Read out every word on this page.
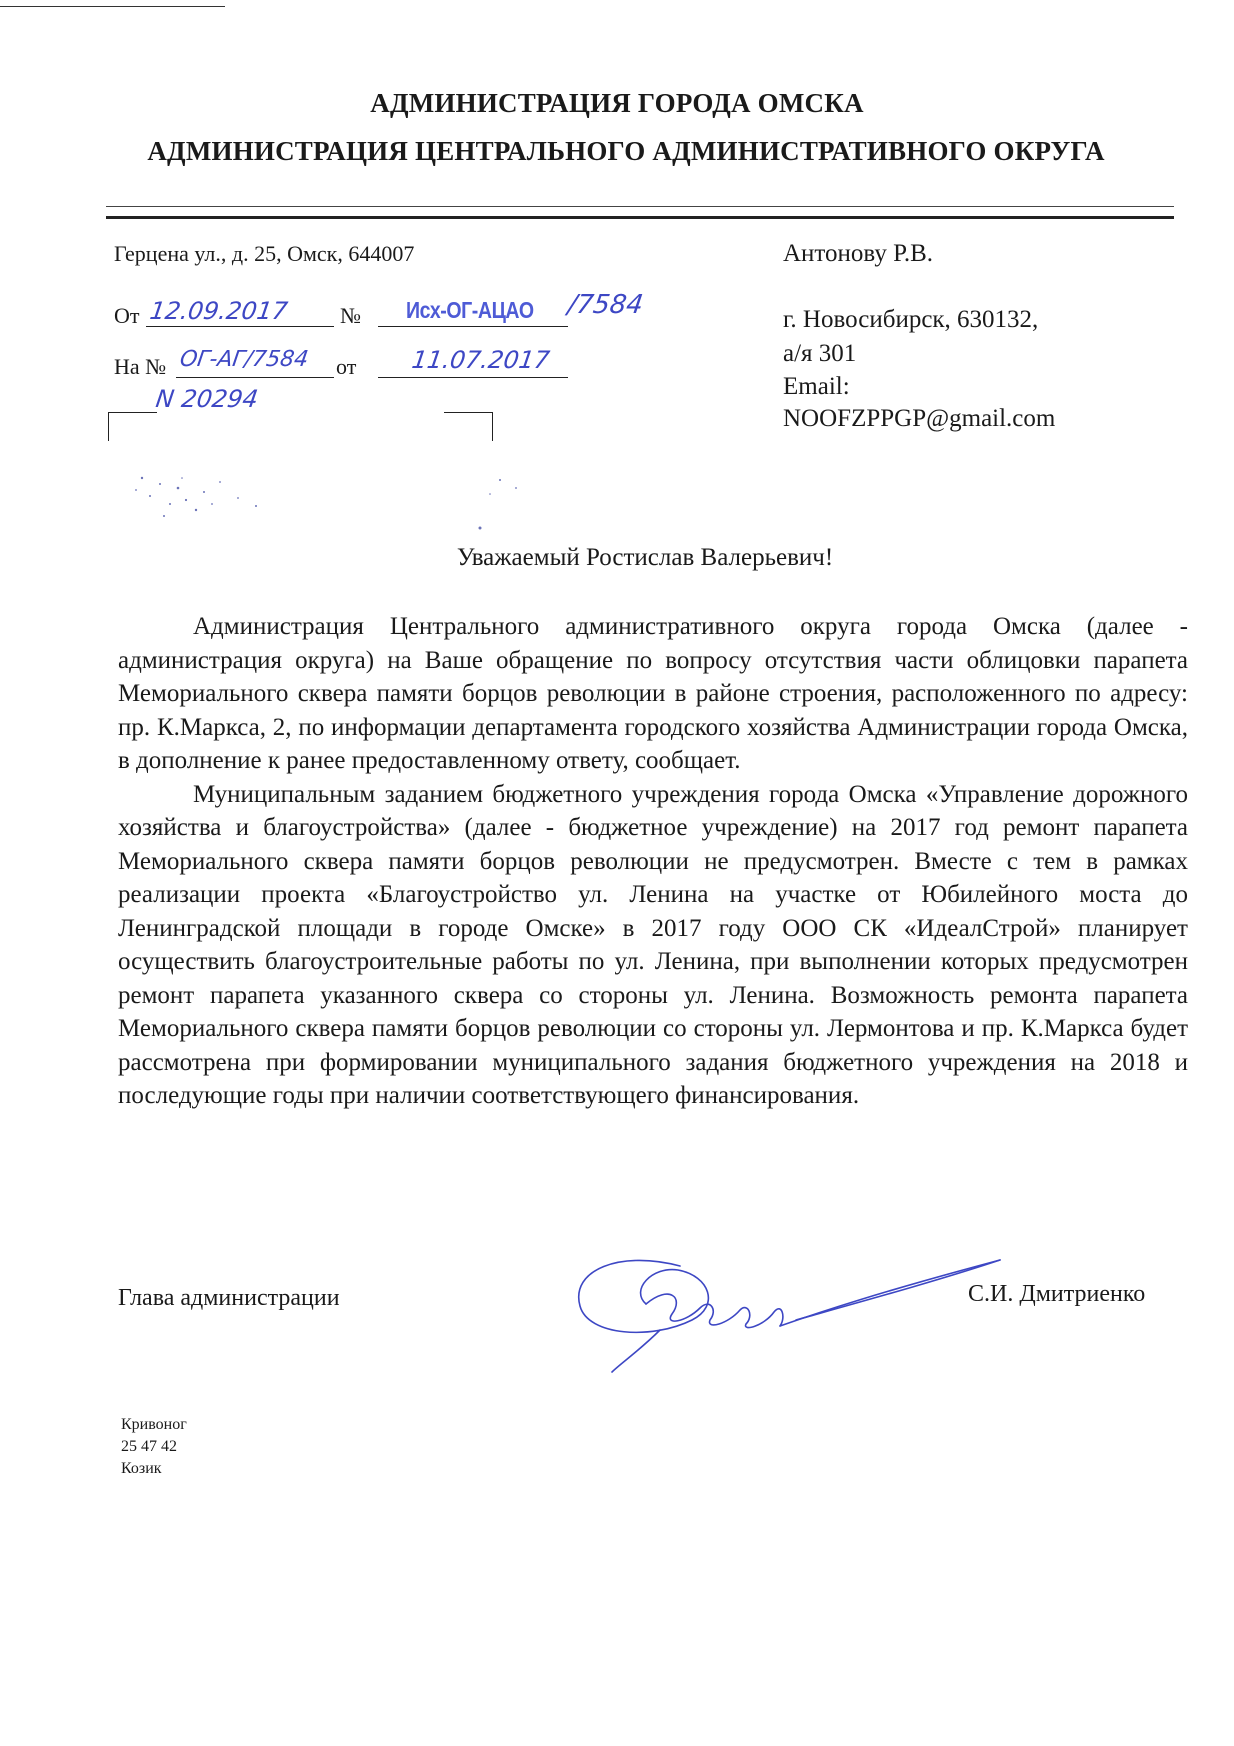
АДМИНИСТРАЦИЯ ГОРОДА ОМСКА
АДМИНИСТРАЦИЯ ЦЕНТРАЛЬНОГО АДМИНИСТРАТИВНОГО ОКРУГА
Герцена ул., д. 25, Омск, 644007
От 12.09.2017 № Исх-ОГ-АЦАО /7584
На № ОГ-АГ/7584 от 11.07.2017
N 20294
Антонову Р.В.
г. Новосибирск, 630132,
а/я 301
Email:
NOOFZPPGP@gmail.com
Уважаемый Ростислав Валерьевич!

Администрация Центрального административного округа города Омска (далее - администрация округа) на Ваше обращение по вопросу отсутствия части облицовки парапета Мемориального сквера памяти борцов революции в районе строения, расположенного по адресу: пр. К.Маркса, 2, по информации департамента городского хозяйства Администрации города Омска, в дополнение к ранее предоставленному ответу, сообщает.

Муниципальным заданием бюджетного учреждения города Омска «Управление дорожного хозяйства и благоустройства» (далее - бюджетное учреждение) на 2017 год ремонт парапета Мемориального сквера памяти борцов революции не предусмотрен. Вместе с тем в рамках реализации проекта «Благоустройство ул. Ленина на участке от Юбилейного моста до Ленинградской площади в городе Омске» в 2017 году ООО СК «ИдеалСтрой» планирует осуществить благоустроительные работы по ул. Ленина, при выполнении которых предусмотрен ремонт парапета указанного сквера со стороны ул. Ленина. Возможность ремонта парапета Мемориального сквера памяти борцов революции со стороны ул. Лермонтова и пр. К.Маркса будет рассмотрена при формировании муниципального задания бюджетного учреждения на 2018 и последующие годы при наличии соответствующего финансирования.

Глава администрации	С.И. Дмитриенко
Кривоног
25 47 42
Козик
